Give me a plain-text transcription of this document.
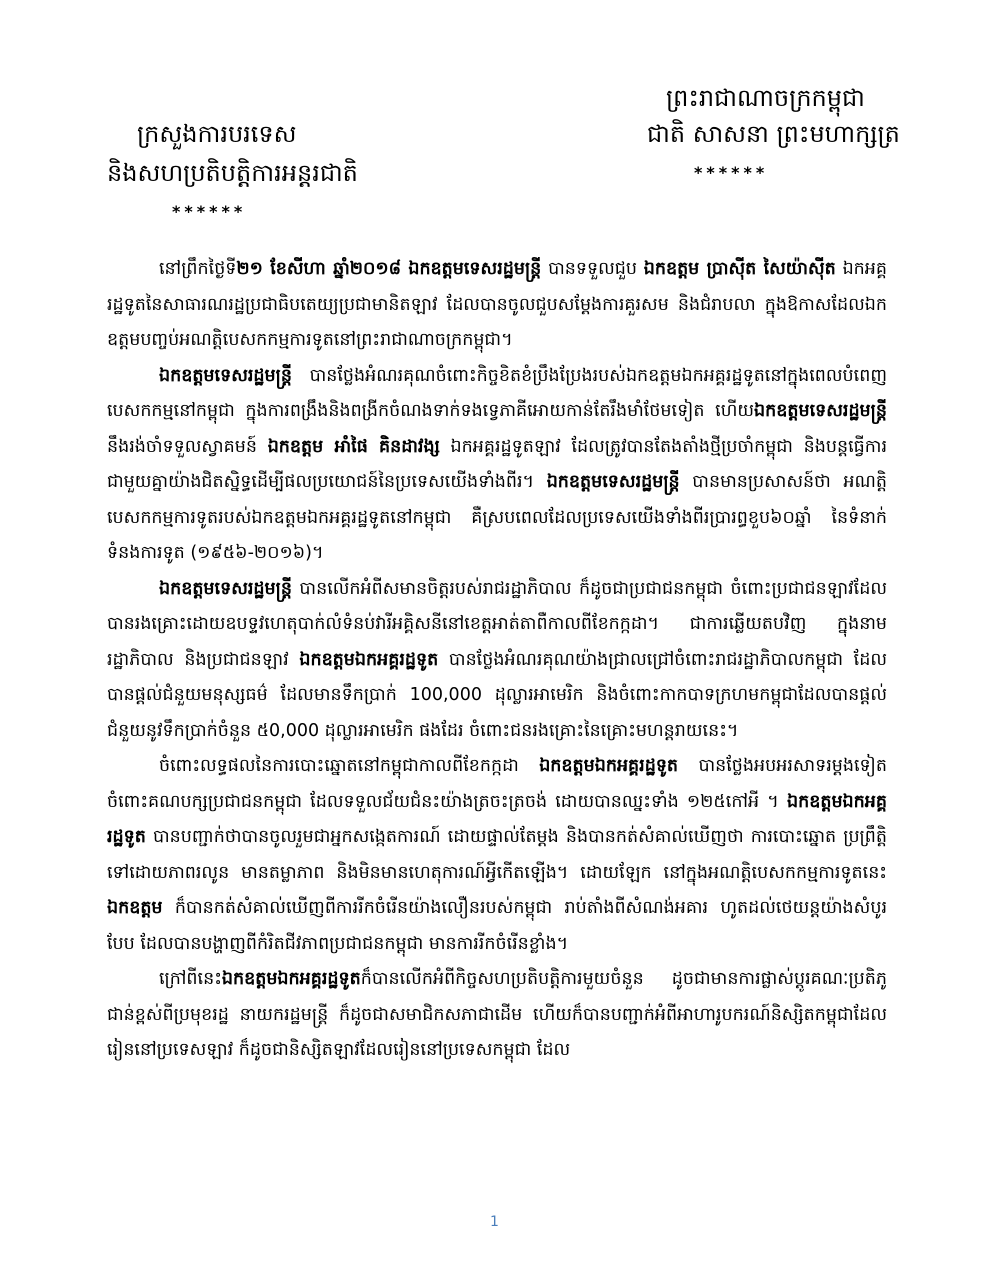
ព្រះរាជាណាចក្រកម្ពុជា
ក្រសួងការបរទេស	ជាតិ សាសនា ព្រះមហាក្សត្រ
និងសហប្រតិបត្តិការអន្តរជាតិ	******
******

នៅព្រឹកថ្ងៃទី២១ ខែសីហា ឆ្នាំ២០១៨ ឯកឧត្តមទេសរដ្ឋមន្ត្រី បានទទួលជួប ឯកឧត្តម ប្រាស៊ីត សៃយ៉ាស៊ីត ឯកអគ្គរដ្ឋទូតនៃសាធារណរដ្ឋប្រជាធិបតេយ្យប្រជាមានិតឡាវ ដែលបានចូលជួបសម្តែងការគួរសម និងជំរាបលា ក្នុងឱកាសដែលឯកឧត្តមបញ្ចប់អណត្តិបេសកកម្មការទូតនៅព្រះរាជាណាចក្រកម្ពុជា។

ឯកឧត្តមទេសរដ្ឋមន្ត្រី បានថ្លែងអំណរគុណចំពោះកិច្ចខិតខំប្រឹងប្រែងរបស់ឯកឧត្តមឯកអគ្គរដ្ឋទូតនៅក្នុងពេលបំពេញបេសកកម្មនៅកម្ពុជា ក្នុងការពង្រឹងនិងពង្រីកចំណងទាក់ទងទ្វេភាគីអោយកាន់តែរឹងមាំថែមទៀត ហើយឯកឧត្តមទេសរដ្ឋមន្ត្រី នឹងរង់ចាំទទួលស្វាគមន៍ ឯកឧត្តម អាំផៃ គិនដាវង្ស ឯកអគ្គរដ្ឋទូតឡាវ ដែលត្រូវបានតែងតាំងថ្មីប្រចាំកម្ពុជា និងបន្តធ្វើការជាមួយគ្នាយ៉ាងជិតស្និទ្ធដើម្បីផលប្រយោជន៍នៃប្រទេសយើងទាំងពីរ។ ឯកឧត្តមទេសរដ្ឋមន្ត្រី បានមានប្រសាសន៍ថា អណត្តិបេសកកម្មការទូតរបស់ឯកឧត្តមឯកអគ្គរដ្ឋទូតនៅកម្ពុជា គឺស្របពេលដែលប្រទេសយើងទាំងពីរប្រារព្ធខួប៦០ឆ្នាំ នៃទំនាក់ទំនងការទូត (១៩៥៦-២០១៦)។

ឯកឧត្តមទេសរដ្ឋមន្ត្រី បានលើកអំពីសមានចិត្តរបស់រាជរដ្ឋាភិបាល ក៏ដូចជាប្រជាជនកម្ពុជា ចំពោះប្រជាជនឡាវដែលបានរងគ្រោះដោយឧបទ្ទវហេតុបាក់លំទំនប់វារីអគ្គិសនីនៅខេត្តអាត់តាពឺកាលពីខែកក្កដា។ ជាការឆ្លើយតបវិញ ក្នុងនាមរដ្ឋាភិបាល និងប្រជាជនឡាវ ឯកឧត្តមឯកអគ្គរដ្ឋទូត បានថ្លែងអំណរគុណយ៉ាងជ្រាលជ្រៅចំពោះរាជរដ្ឋាភិបាលកម្ពុជា ដែលបានផ្តល់ជំនួយមនុស្សធម៌ ដែលមានទឹកប្រាក់ 100,000 ដុល្លារអាមេរិក និងចំពោះកាកបាទក្រហមកម្ពុជាដែលបានផ្តល់ជំនួយនូវទឹកប្រាក់ចំនួន ៥0,000 ដុល្លារអាមេរិក ផងដែរ ចំពោះជនរងគ្រោះនៃគ្រោះមហន្តរាយនេះ។

ចំពោះលទ្ធផលនៃការបោះឆ្នោតនៅកម្ពុជាកាលពីខែកក្កដា ឯកឧត្តមឯកអគ្គរដ្ឋទូត បានថ្លែងអបអរសាទរម្តងទៀតចំពោះគណបក្សប្រជាជនកម្ពុជា ដែលទទួលជ័យជំនះយ៉ាងត្រចះត្រចង់ ដោយបានឈ្នះទាំង ១២៥កៅអី ។ ឯកឧត្តមឯកអគ្គរដ្ឋទូត បានបញ្ជាក់ថាបានចូលរួមជាអ្នកសង្កេតការណ៍ ដោយផ្ទាល់តែម្តង និងបានកត់សំគាល់ឃើញថា ការបោះឆ្នោត ប្រព្រឹត្តិទៅដោយភាពរលូន មានតម្លាភាព និងមិនមានហេតុការណ៍អ្វីកើតឡើង។ ដោយឡែក នៅក្នុងអណត្តិបេសកកម្មការទូតនេះ ឯកឧត្តម ក៏បានកត់សំគាល់ឃើញពីការរីកចំរើនយ៉ាងលឿនរបស់កម្ពុជា រាប់តាំងពីសំណង់អគារ ហូតដល់ថេយន្តយ៉ាងសំបូរបែប ដែលបានបង្ហាញពីកំរិតជីវភាពប្រជាជនកម្ពុជា មានការរីកចំរើនខ្លាំង។

ក្រៅពីនេះឯកឧត្តមឯកអគ្គរដ្ឋទូតក៏បានលើកអំពីកិច្ចសហប្រតិបត្តិការមួយចំនួន ដូចជាមានការផ្លាស់ប្តូរគណៈប្រតិភូជាន់ខ្ពស់ពីប្រមុខរដ្ឋ នាយករដ្ឋមន្ត្រី ក៏ដូចជាសមាជិកសភាជាដើម ហើយក៏បានបញ្ជាក់អំពីអាហារូបករណ៍និស្សិតកម្ពុជាដែលរៀននៅប្រទេសឡាវ ក៏ដូចជានិស្សិតឡាវដែលរៀននៅប្រទេសកម្ពុជា ដែល

1
